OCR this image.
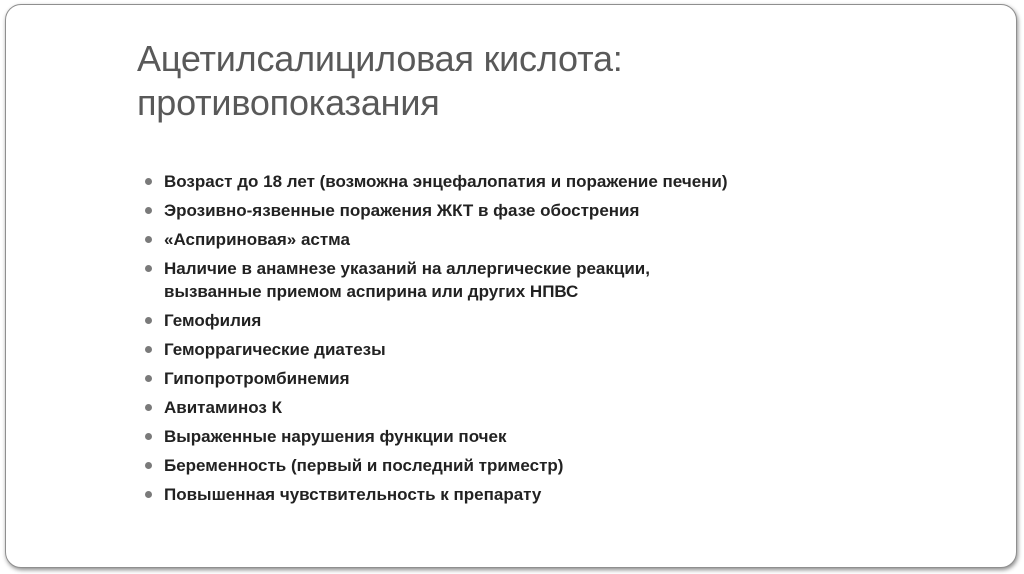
Ацетилсалициловая кислота:
противопоказания
Возраст до 18 лет (возможна энцефалопатия и поражение печени)
Эрозивно-язвенные поражения ЖКТ в фазе обострения
«Аспириновая» астма
Наличие в анамнезе указаний на аллергические реакции,
вызванные приемом аспирина или других НПВС
Гемофилия
Геморрагические диатезы
Гипопротромбинемия
Авитаминоз К
Выраженные нарушения функции почек
Беременность (первый и последний триместр)
Повышенная чувствительность к препарату
